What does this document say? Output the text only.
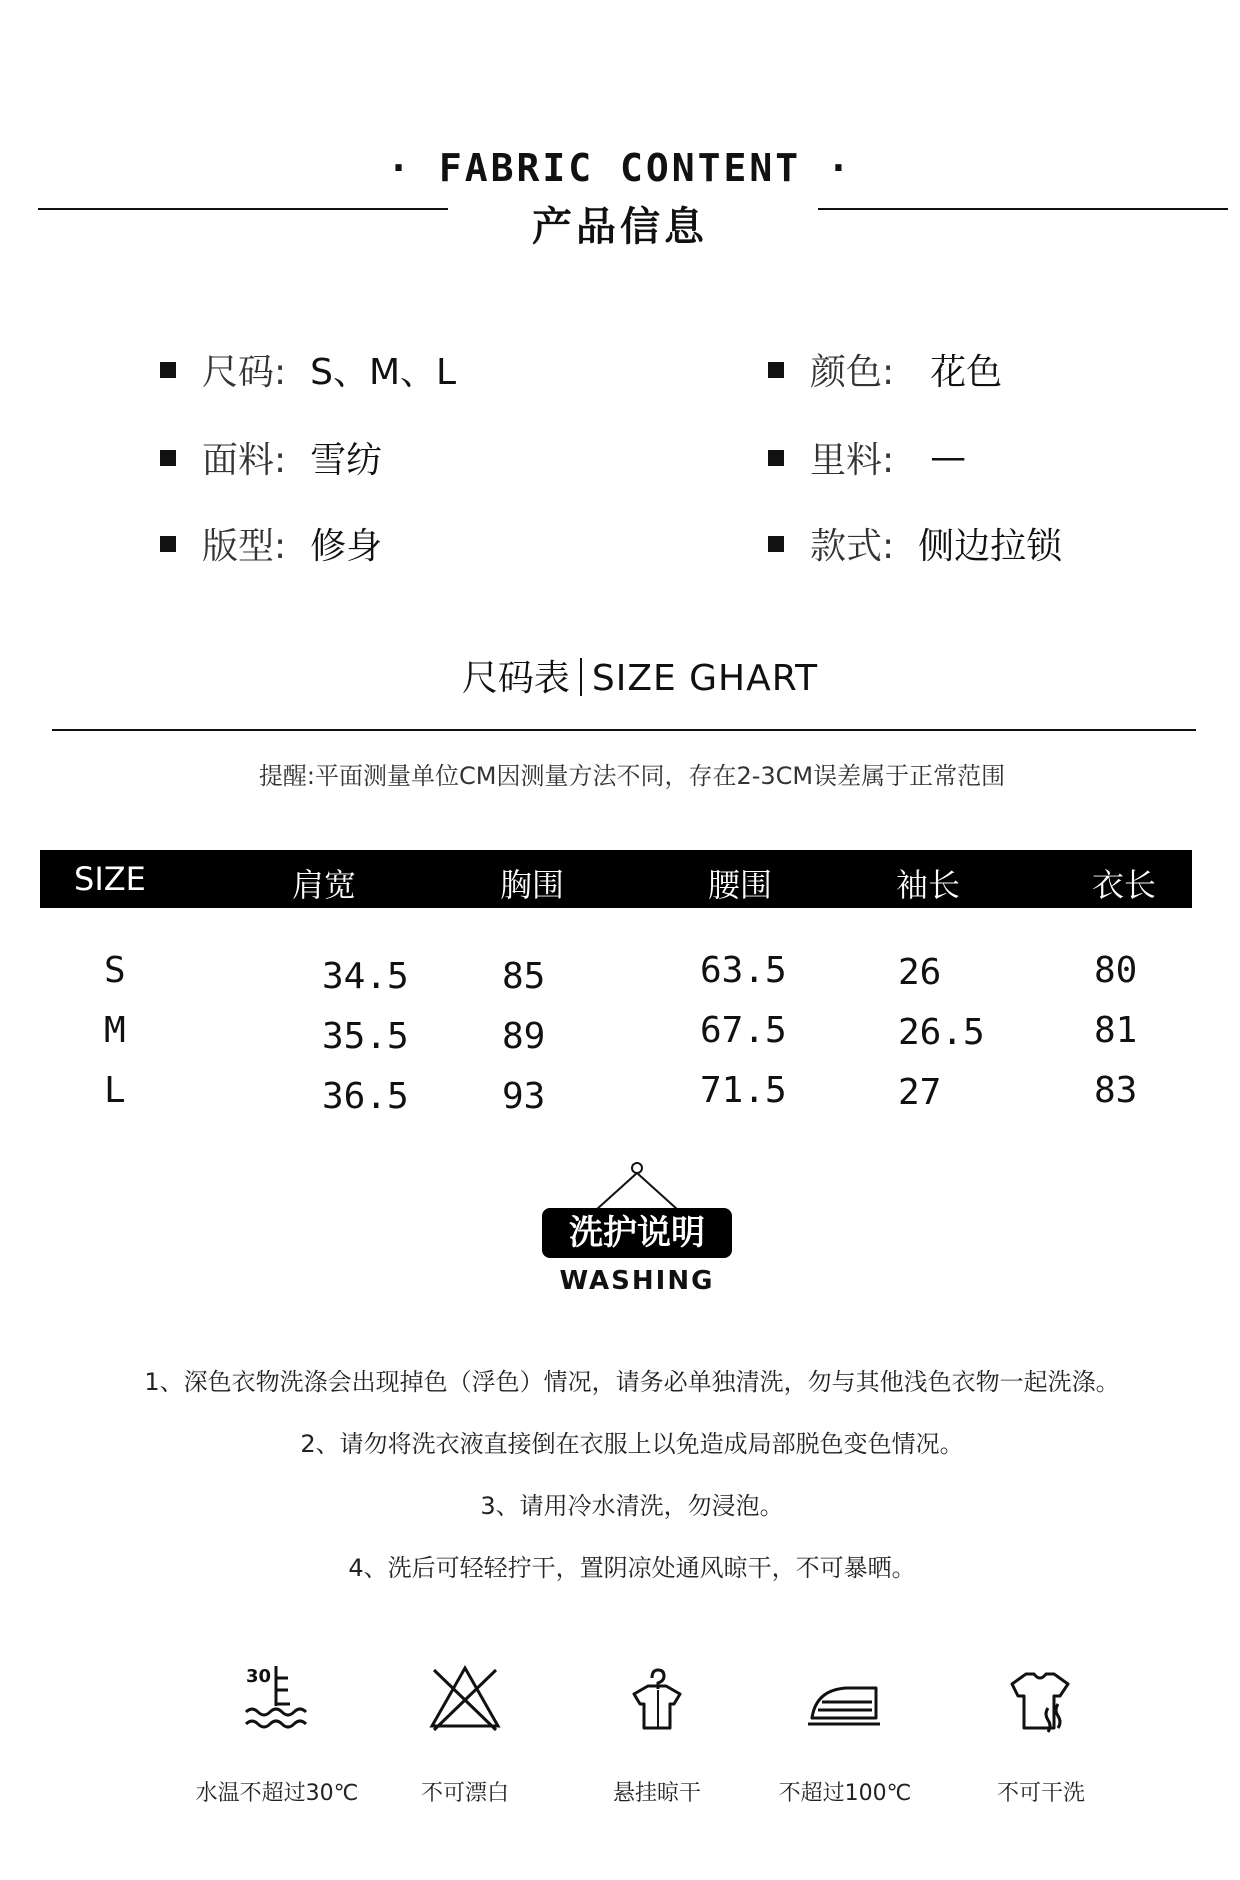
· FABRIC CONTENT ·
产品信息
尺码: S、M、L	颜色: 花色
面料: 雪纺	里料: —
版型: 修身	款式: 侧边拉锁
尺码表 SIZE GHART
提醒:平面测量单位CM因测量方法不同，存在2-3CM误差属于正常范围
SIZE	肩宽	胸围	腰围	袖长	衣长
S	34.5	85	63.5	26	80
M	35.5	89	67.5	26.5	81
L	36.5	93	71.5	27	83
洗护说明
WASHING
1、深色衣物洗涤会出现掉色（浮色）情况，请务必单独清洗，勿与其他浅色衣物一起洗涤。
2、请勿将洗衣液直接倒在衣服上以免造成局部脱色变色情况。
3、请用冷水清洗，勿浸泡。
4、洗后可轻轻拧干，置阴凉处通风晾干，不可暴晒。
30
水温不超过30℃	不可漂白	悬挂晾干	不超过100℃	不可干洗
